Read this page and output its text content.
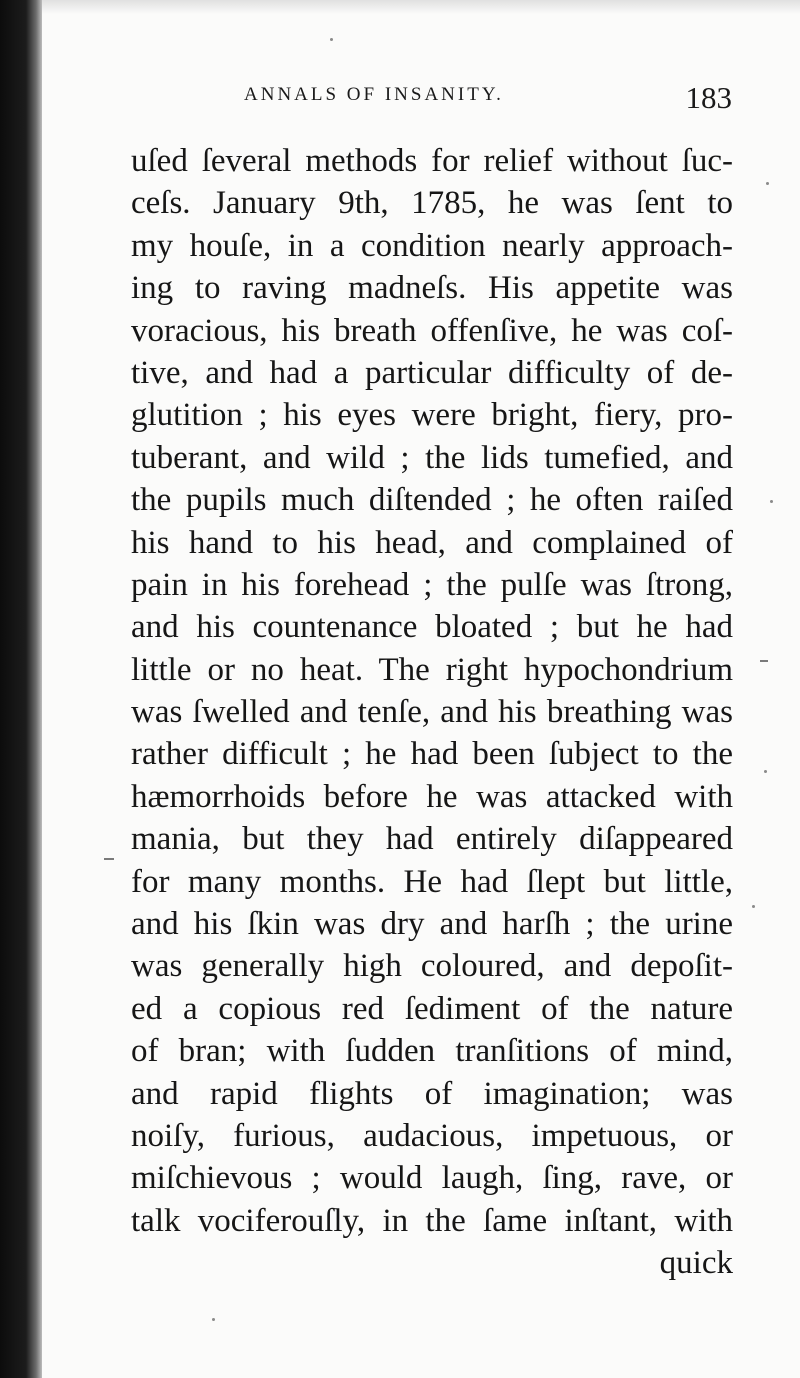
ANNALS OF INSANITY.	183
uſed ſeveral methods for relief without ſuc-
ceſs. January 9th, 1785, he was ſent to
my houſe, in a condition nearly approach-
ing to raving madneſs. His appetite was
voracious, his breath offenſive, he was coſ-
tive, and had a particular difficulty of de-
glutition ; his eyes were bright, fiery, pro-
tuberant, and wild ; the lids tumefied, and
the pupils much diſtended ; he often raiſed
his hand to his head, and complained of
pain in his forehead ; the pulſe was ſtrong,
and his countenance bloated ; but he had
little or no heat. The right hypochondrium
was ſwelled and tenſe, and his breathing was
rather difficult ; he had been ſubject to the
hæmorrhoids before he was attacked with
mania, but they had entirely diſappeared
for many months. He had ſlept but little,
and his ſkin was dry and harſh ; the urine
was generally high coloured, and depoſit-
ed a copious red ſediment of the nature
of bran; with ſudden tranſitions of mind,
and rapid flights of imagination; was
noiſy, furious, audacious, impetuous, or
miſchievous ; would laugh, ſing, rave, or
talk vociferouſly, in the ſame inſtant, with
quick
